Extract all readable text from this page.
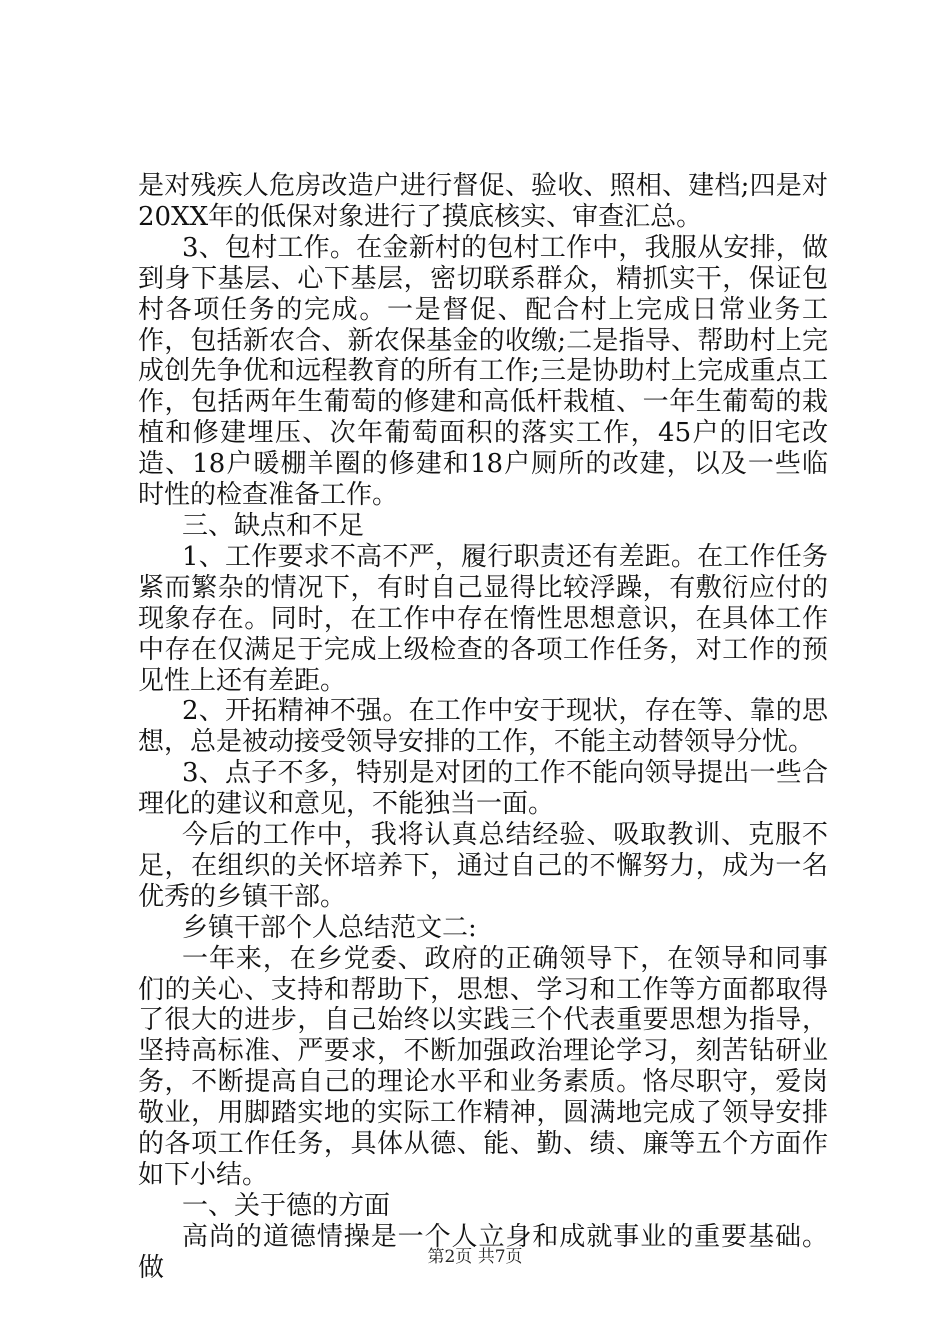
是对残疾人危房改造户进行督促、验收、照相、建档;四是对20XX年的低保对象进行了摸底核实、审查汇总。

3、包村工作。在金新村的包村工作中，我服从安排，做到身下基层、心下基层，密切联系群众，精抓实干，保证包村各项任务的完成。一是督促、配合村上完成日常业务工作，包括新农合、新农保基金的收缴;二是指导、帮助村上完成创先争优和远程教育的所有工作;三是协助村上完成重点工作，包括两年生葡萄的修建和高低杆栽植、一年生葡萄的栽植和修建埋压、次年葡萄面积的落实工作，45户的旧宅改造、18户暖棚羊圈的修建和18户厕所的改建，以及一些临时性的检查准备工作。

三、缺点和不足

1、工作要求不高不严，履行职责还有差距。在工作任务紧而繁杂的情况下，有时自己显得比较浮躁，有敷衍应付的现象存在。同时，在工作中存在惰性思想意识，在具体工作中存在仅满足于完成上级检查的各项工作任务，对工作的预见性上还有差距。

2、开拓精神不强。在工作中安于现状，存在等、靠的思想，总是被动接受领导安排的工作，不能主动替领导分忧。

3、点子不多，特别是对团的工作不能向领导提出一些合理化的建议和意见，不能独当一面。

今后的工作中，我将认真总结经验、吸取教训、克服不足，在组织的关怀培养下，通过自己的不懈努力，成为一名优秀的乡镇干部。

乡镇干部个人总结范文二:

一年来，在乡党委、政府的正确领导下，在领导和同事们的关心、支持和帮助下，思想、学习和工作等方面都取得了很大的进步，自己始终以实践三个代表重要思想为指导，坚持高标准、严要求，不断加强政治理论学习，刻苦钻研业务，不断提高自己的理论水平和业务素质。恪尽职守，爱岗敬业，用脚踏实地的实际工作精神，圆满地完成了领导安排的各项工作任务，具体从德、能、勤、绩、廉等五个方面作如下小结。

一、关于德的方面

高尚的道德情操是一个人立身和成就事业的重要基础。做	第2页 共7页
